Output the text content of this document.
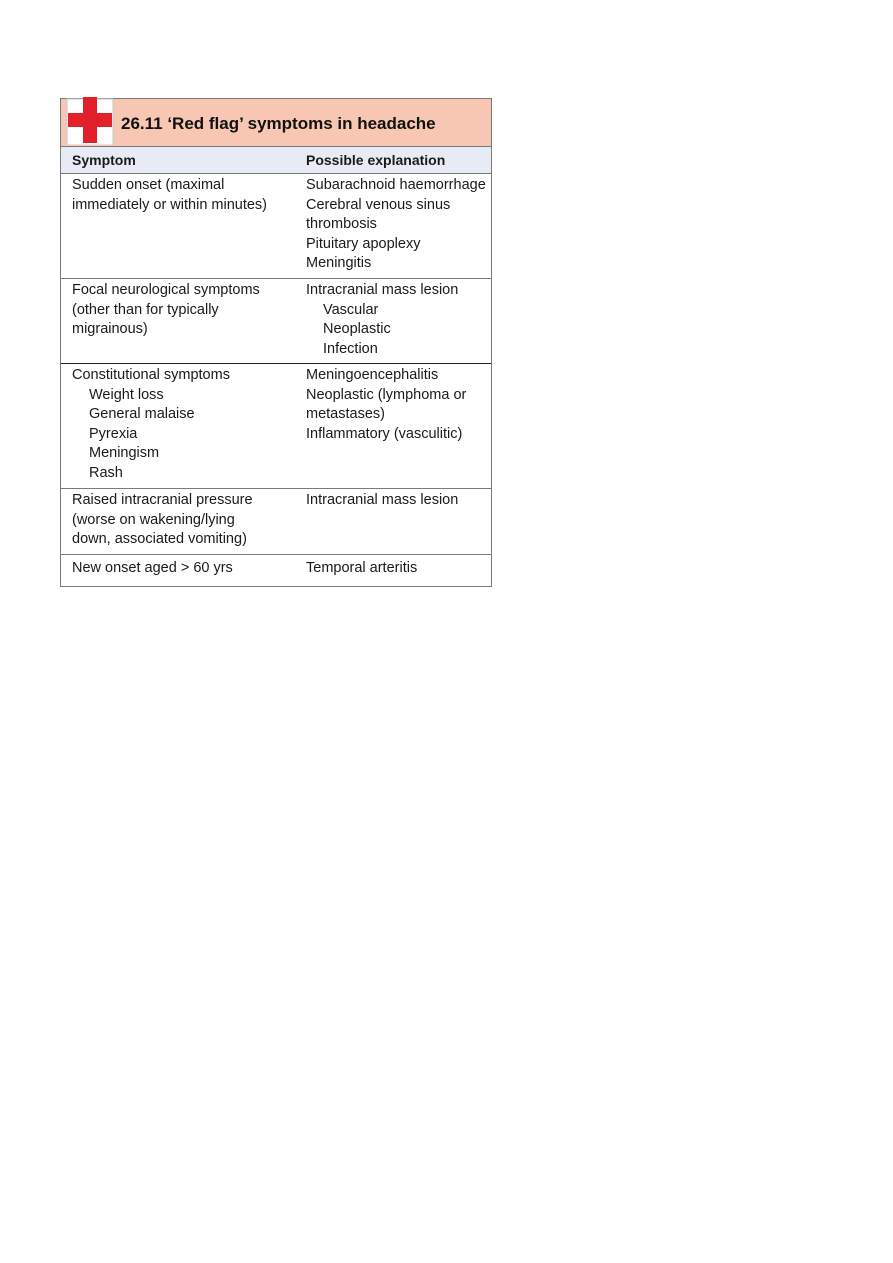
26.11 ‘Red flag’ symptoms in headache
Symptom	Possible explanation
Sudden onset (maximal
immediately or within minutes)
Subarachnoid haemorrhage
Cerebral venous sinus
thrombosis
Pituitary apoplexy
Meningitis
Focal neurological symptoms
(other than for typically
migrainous)
Intracranial mass lesion
Vascular
Neoplastic
Infection
Constitutional symptoms
Weight loss
General malaise
Pyrexia
Meningism
Rash
Meningoencephalitis
Neoplastic (lymphoma or
metastases)
Inflammatory (vasculitic)
Raised intracranial pressure
(worse on wakening/lying
down, associated vomiting)
Intracranial mass lesion
New onset aged > 60 yrs	Temporal arteritis
